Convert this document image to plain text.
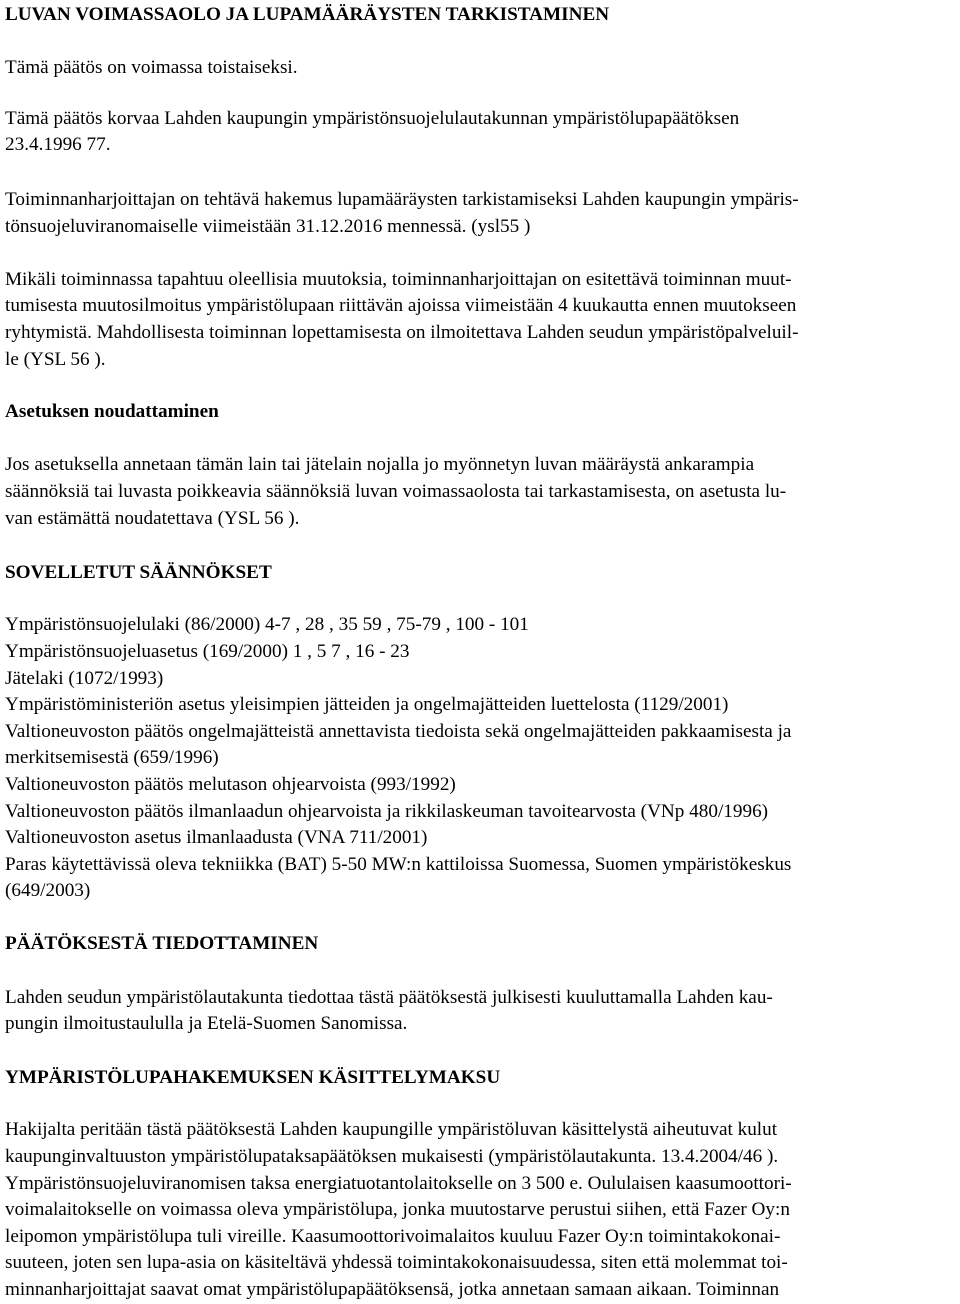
LUVAN VOIMASSAOLO JA LUPAMÄÄRÄYSTEN TARKISTAMINEN

Tämä päätös on voimassa toistaiseksi.

Tämä päätös korvaa Lahden kaupungin ympäristönsuojelulautakunnan ympäristölupapäätöksen

23.4.1996 77.

Toiminnanharjoittajan on tehtävä hakemus lupamääräysten tarkistamiseksi Lahden kaupungin ympäris-

tönsuojeluviranomaiselle viimeistään 31.12.2016 mennessä. (ysl55 )

Mikäli toiminnassa tapahtuu oleellisia muutoksia, toiminnanharjoittajan on esitettävä toiminnan muut-

tumisesta muutosilmoitus ympäristölupaan riittävän ajoissa viimeistään 4 kuukautta ennen muutokseen

ryhtymistä. Mahdollisesta toiminnan lopettamisesta on ilmoitettava Lahden seudun ympäristöpalveluil-

le (YSL 56 ).

Asetuksen noudattaminen

Jos asetuksella annetaan tämän lain tai jätelain nojalla jo myönnetyn luvan määräystä ankarampia

säännöksiä tai luvasta poikkeavia säännöksiä luvan voimassaolosta tai tarkastamisesta, on asetusta lu-

van estämättä noudatettava (YSL 56 ).

SOVELLETUT SÄÄNNÖKSET

Ympäristönsuojelulaki (86/2000) 4-7 , 28 , 35 59 , 75-79 , 100 - 101

Ympäristönsuojeluasetus (169/2000) 1 , 5 7 , 16 - 23

Jätelaki (1072/1993)

Ympäristöministeriön asetus yleisimpien jätteiden ja ongelmajätteiden luettelosta (1129/2001)

Valtioneuvoston päätös ongelmajätteistä annettavista tiedoista sekä ongelmajätteiden pakkaamisesta ja

merkitsemisestä (659/1996)

Valtioneuvoston päätös melutason ohjearvoista (993/1992)

Valtioneuvoston päätös ilmanlaadun ohjearvoista ja rikkilaskeuman tavoitearvosta (VNp 480/1996)

Valtioneuvoston asetus ilmanlaadusta (VNA 711/2001)

Paras käytettävissä oleva tekniikka (BAT) 5-50 MW:n kattiloissa Suomessa, Suomen ympäristökeskus

(649/2003)

PÄÄTÖKSESTÄ TIEDOTTAMINEN

Lahden seudun ympäristölautakunta tiedottaa tästä päätöksestä julkisesti kuuluttamalla Lahden kau-

pungin ilmoitustaululla ja Etelä-Suomen Sanomissa.

YMPÄRISTÖLUPAHAKEMUKSEN KÄSITTELYMAKSU

Hakijalta peritään tästä päätöksestä Lahden kaupungille ympäristöluvan käsittelystä aiheutuvat kulut

kaupunginvaltuuston ympäristölupataksapäätöksen mukaisesti (ympäristölautakunta. 13.4.2004/46 ).

Ympäristönsuojeluviranomisen taksa energiatuotantolaitokselle on 3 500 e. Oululaisen kaasumoottori-

voimalaitokselle on voimassa oleva ympäristölupa, jonka muutostarve perustui siihen, että Fazer Oy:n

leipomon ympäristölupa tuli vireille. Kaasumoottorivoimalaitos kuuluu Fazer Oy:n toimintakokonai-

suuteen, joten sen lupa-asia on käsiteltävä yhdessä toimintakokonaisuudessa, siten että molemmat toi-

minnanharjoittajat saavat omat ympäristölupapäätöksensä, jotka annetaan samaan aikaan. Toiminnan
